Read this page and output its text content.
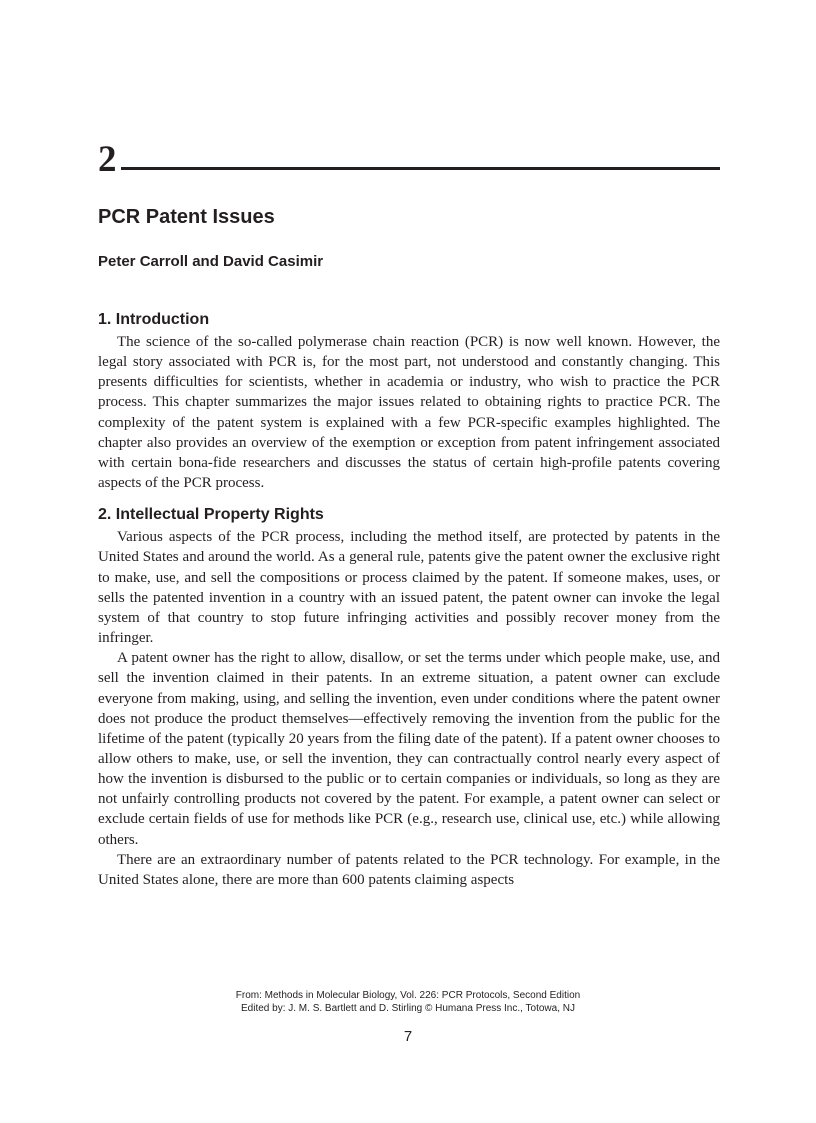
2
PCR Patent Issues

Peter Carroll and David Casimir

1. Introduction

The science of the so-called polymerase chain reaction (PCR) is now well known. However, the legal story associated with PCR is, for the most part, not understood and constantly changing. This presents difficulties for scientists, whether in academia or industry, who wish to practice the PCR process. This chapter summarizes the major issues related to obtaining rights to practice PCR. The complexity of the patent system is explained with a few PCR-specific examples highlighted. The chapter also provides an overview of the exemption or exception from patent infringement associated with certain bona-fide researchers and discusses the status of certain high-profile patents covering aspects of the PCR process.

2. Intellectual Property Rights

Various aspects of the PCR process, including the method itself, are protected by patents in the United States and around the world. As a general rule, patents give the patent owner the exclusive right to make, use, and sell the compositions or process claimed by the patent. If someone makes, uses, or sells the patented invention in a country with an issued patent, the patent owner can invoke the legal system of that country to stop future infringing activities and possibly recover money from the infringer.

A patent owner has the right to allow, disallow, or set the terms under which people make, use, and sell the invention claimed in their patents. In an extreme situation, a patent owner can exclude everyone from making, using, and selling the invention, even under conditions where the patent owner does not produce the product themselves—effectively removing the invention from the public for the lifetime of the patent (typically 20 years from the filing date of the patent). If a patent owner chooses to allow others to make, use, or sell the invention, they can contractually control nearly every aspect of how the invention is disbursed to the public or to certain companies or individuals, so long as they are not unfairly controlling products not covered by the patent. For example, a patent owner can select or exclude certain fields of use for methods like PCR (e.g., research use, clinical use, etc.) while allowing others.

There are an extraordinary number of patents related to the PCR technology. For example, in the United States alone, there are more than 600 patents claiming aspects

From: Methods in Molecular Biology, Vol. 226: PCR Protocols, Second Edition
Edited by: J. M. S. Bartlett and D. Stirling © Humana Press Inc., Totowa, NJ
7
